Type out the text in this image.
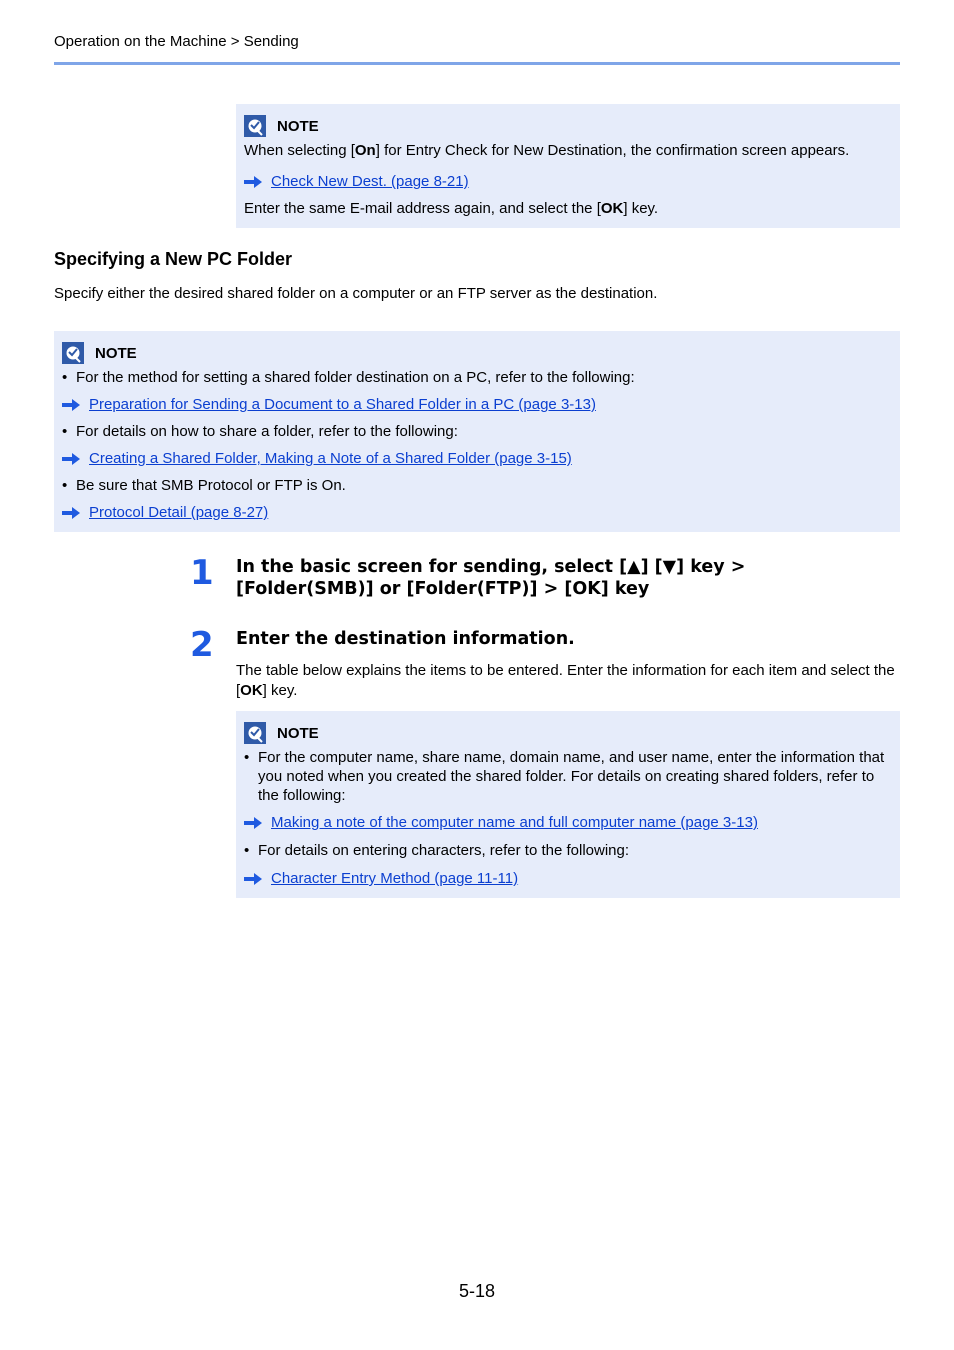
Operation on the Machine > Sending
NOTE
When selecting [On] for Entry Check for New Destination, the confirmation screen appears.
Check New Dest. (page 8-21)
Enter the same E-mail address again, and select the [OK] key.
Specifying a New PC Folder
Specify either the desired shared folder on a computer or an FTP server as the destination.
NOTE
• For the method for setting a shared folder destination on a PC, refer to the following:
Preparation for Sending a Document to a Shared Folder in a PC (page 3-13)
• For details on how to share a folder, refer to the following:
Creating a Shared Folder, Making a Note of a Shared Folder (page 3-15)
• Be sure that SMB Protocol or FTP is On.
Protocol Detail (page 8-27)
1 In the basic screen for sending, select [▲] [▼] key >
[Folder(SMB)] or [Folder(FTP)] > [OK] key
2 Enter the destination information.
The table below explains the items to be entered. Enter the information for each item and select the [OK] key.
NOTE
• For the computer name, share name, domain name, and user name, enter the information that you noted when you created the shared folder. For details on creating shared folders, refer to the following:
Making a note of the computer name and full computer name (page 3-13)
• For details on entering characters, refer to the following:
Character Entry Method (page 11-11)
5-18
